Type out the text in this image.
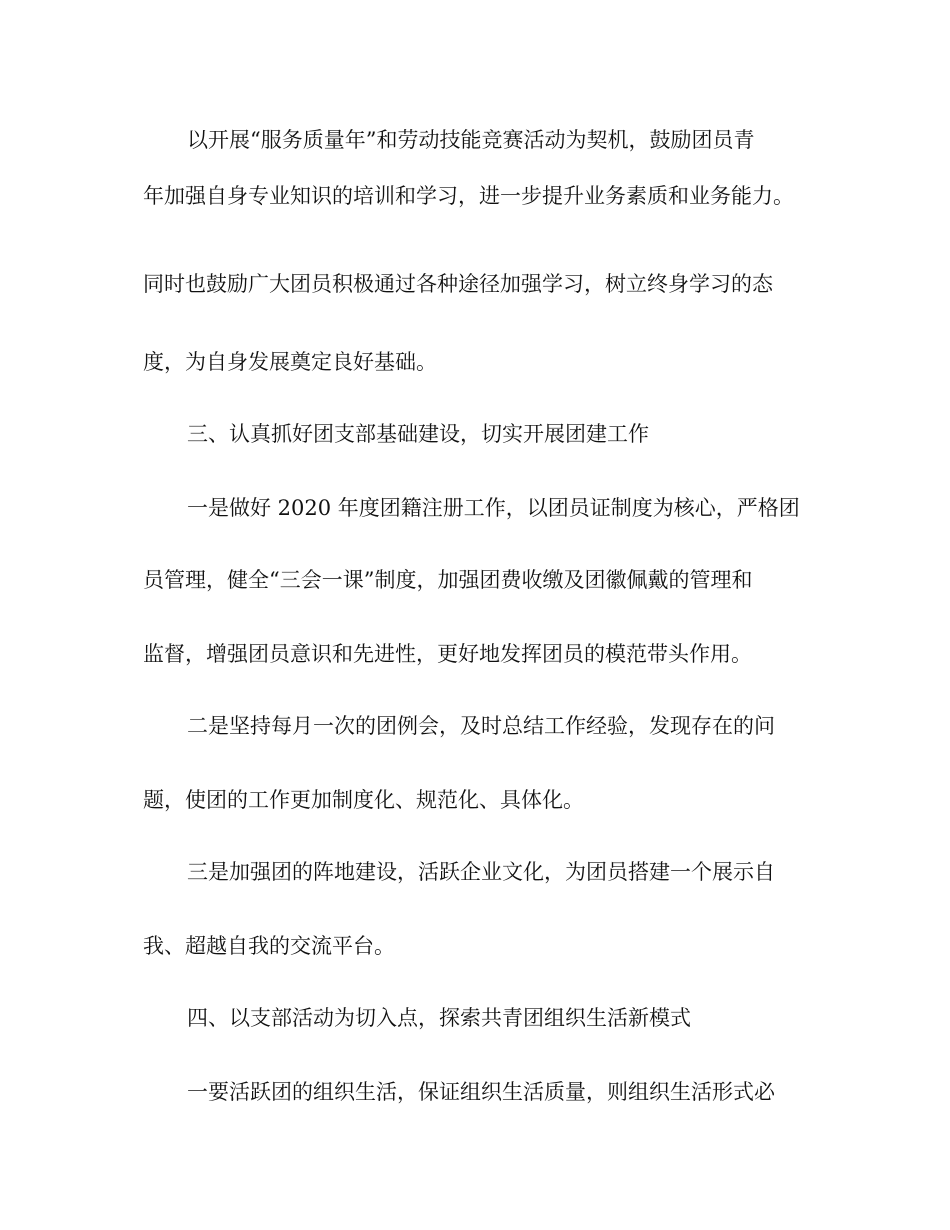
以开展“服务质量年”和劳动技能竞赛活动为契机，鼓励团员青

年加强自身专业知识的培训和学习，进一步提升业务素质和业务能力。

同时也鼓励广大团员积极通过各种途径加强学习，树立终身学习的态

度，为自身发展奠定良好基础。

三、认真抓好团支部基础建设，切实开展团建工作

一是做好 2020 年度团籍注册工作，以团员证制度为核心，严格团

员管理，健全“三会一课”制度，加强团费收缴及团徽佩戴的管理和

监督，增强团员意识和先进性，更好地发挥团员的模范带头作用。

二是坚持每月一次的团例会，及时总结工作经验，发现存在的问

题，使团的工作更加制度化、规范化、具体化。

三是加强团的阵地建设，活跃企业文化，为团员搭建一个展示自

我、超越自我的交流平台。

四、以支部活动为切入点，探索共青团组织生活新模式

一要活跃团的组织生活，保证组织生活质量，则组织生活形式必
